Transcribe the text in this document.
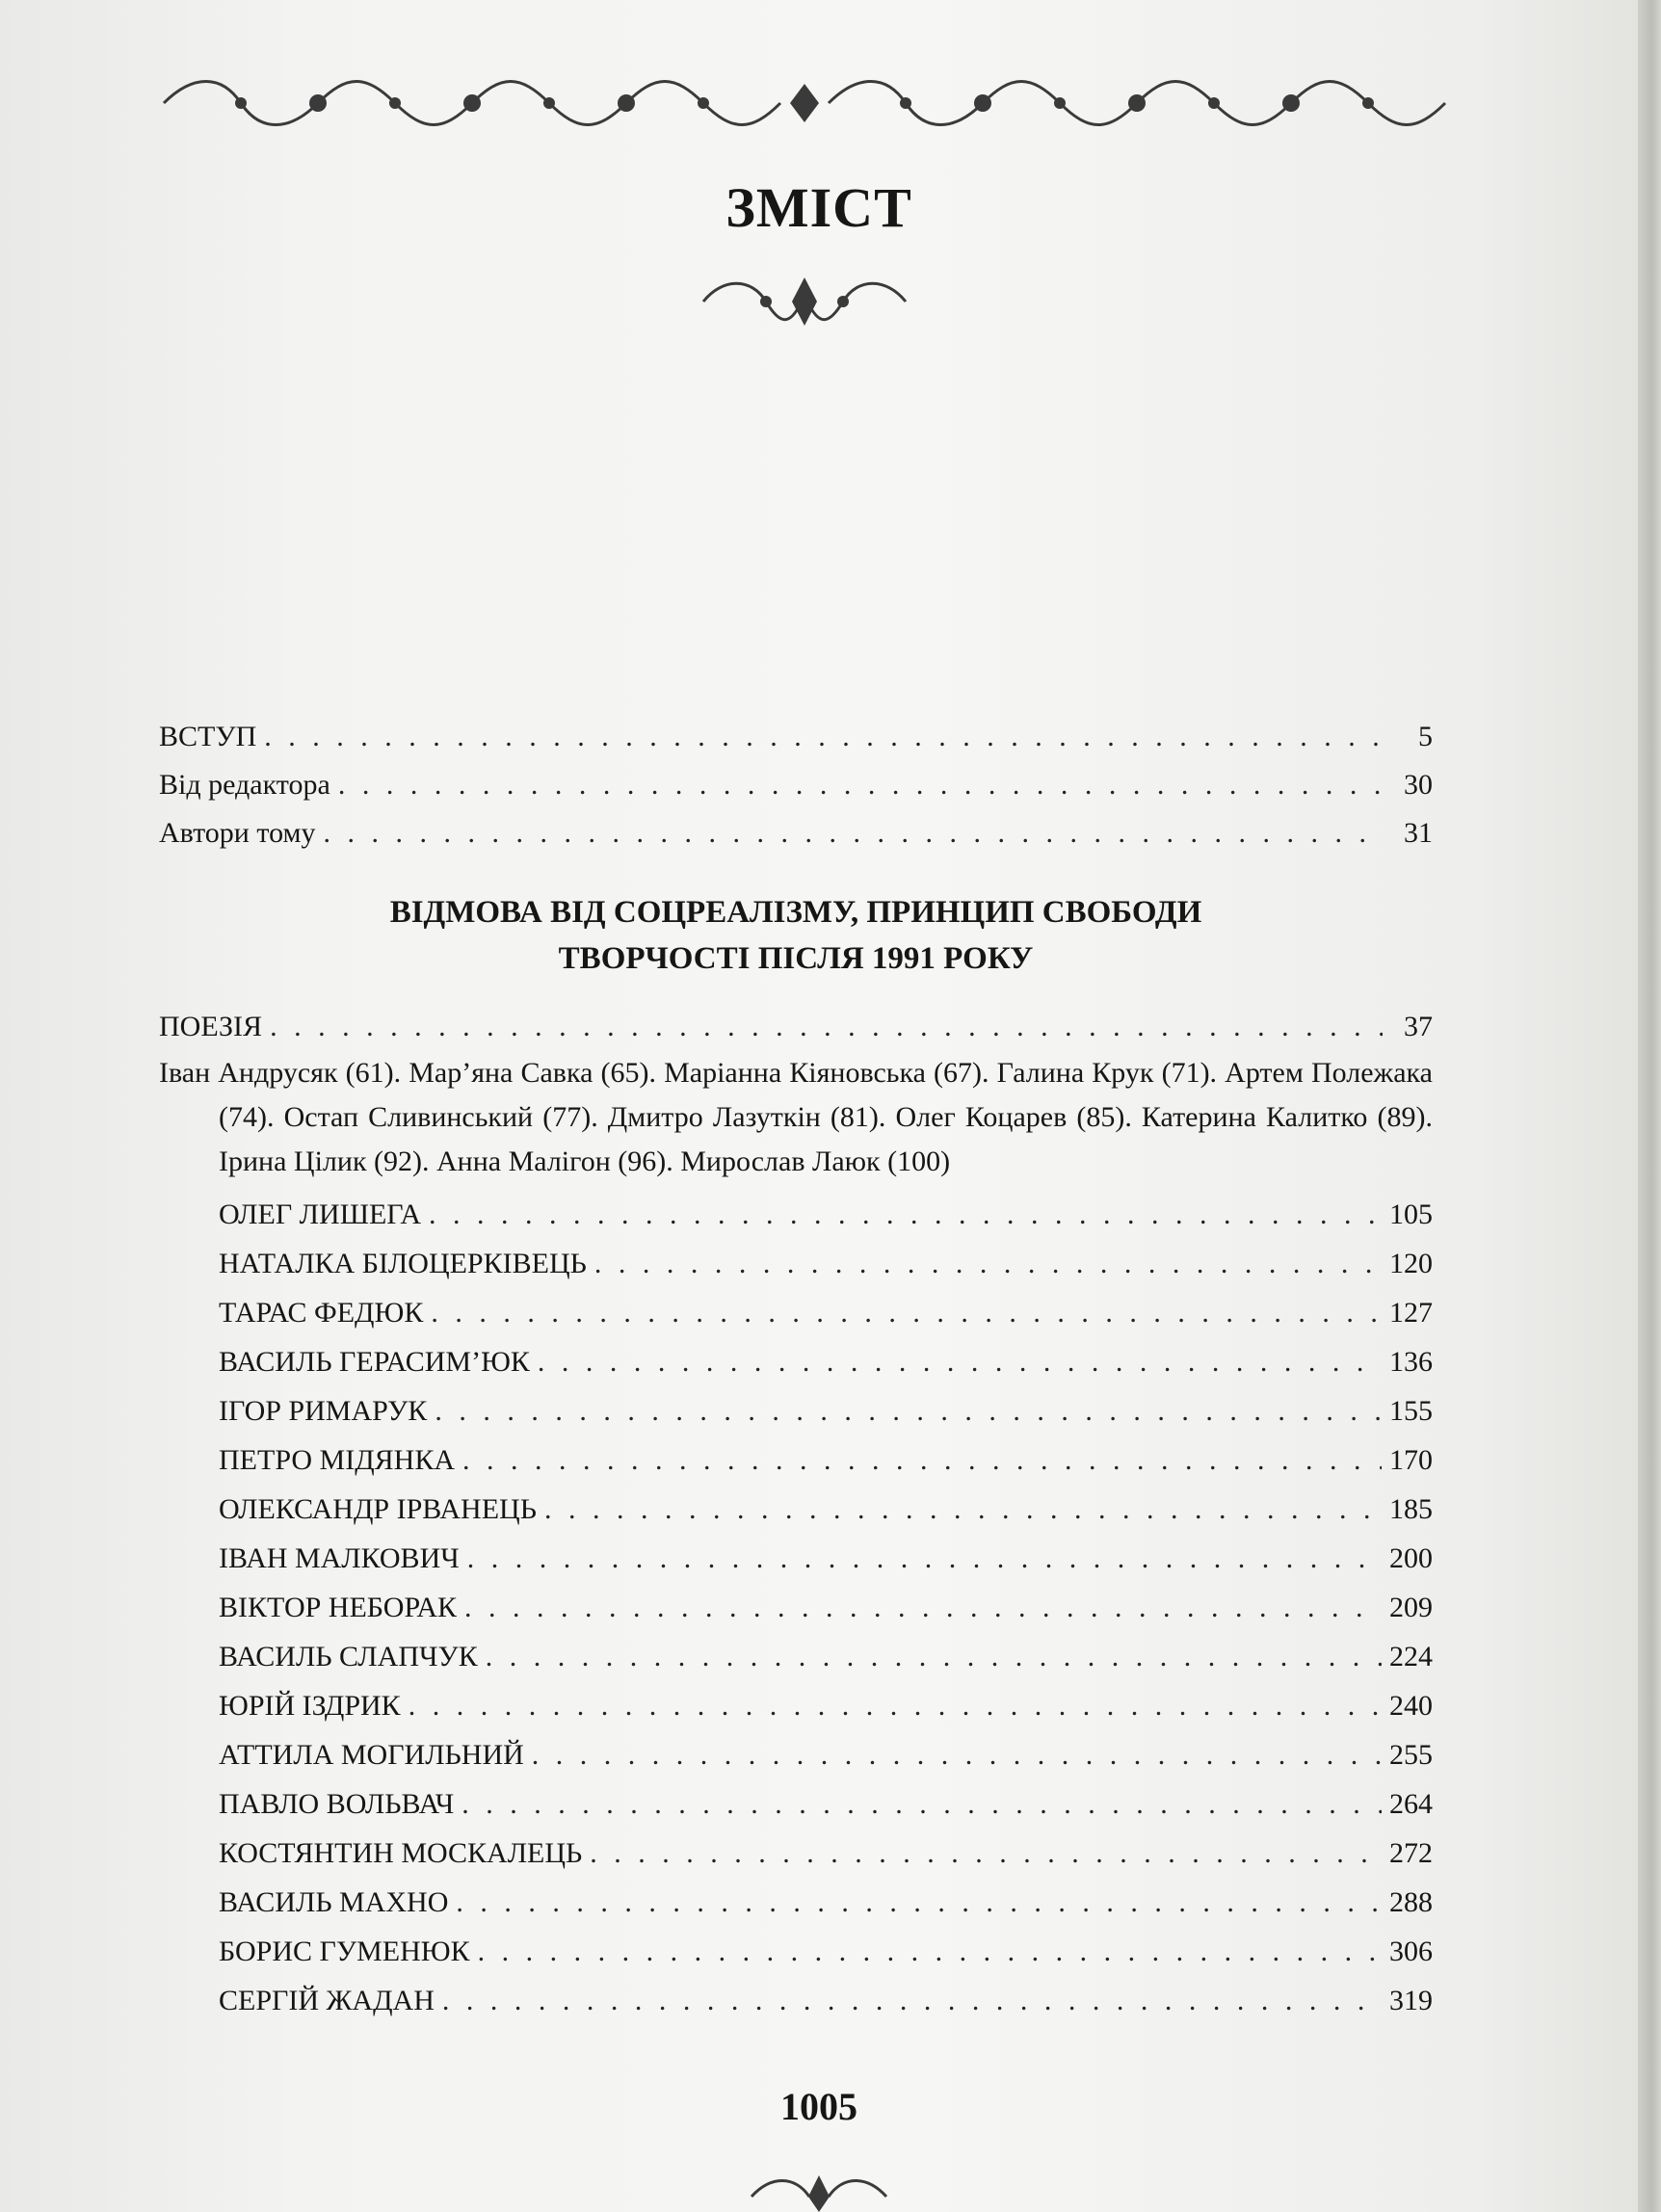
ЗМІСТ
ВСТУП . . .	5
Від редактора . . .	30
Автори тому . . .	31
ВІДМОВА ВІД СОЦРЕАЛІЗМУ, ПРИНЦИП СВОБОДИ
ТВОРЧОСТІ ПІСЛЯ 1991 РОКУ
ПОЕЗІЯ . . .	37

Іван Андрусяк (61). Мар’яна Савка (65). Маріанна Кіяновська (67). Галина Крук (71). Артем Полежака (74). Остап Сливинський (77). Дмитро Лазуткін (81). Олег Коцарев (85). Катерина Калитко (89). Ірина Цілик (92). Анна Малігон (96). Мирослав Лаюк (100)

ОЛЕГ ЛИШЕГА . . .	105
НАТАЛКА БІЛОЦЕРКІВЕЦЬ . . .	120
ТАРАС ФЕДЮК . . .	127
ВАСИЛЬ ГЕРАСИМ’ЮК . . .	136
ІГОР РИМАРУК . . .	155
ПЕТРО МІДЯНКА . . .	170
ОЛЕКСАНДР ІРВАНЕЦЬ . . .	185
ІВАН МАЛКОВИЧ . . .	200
ВІКТОР НЕБОРАК . . .	209
ВАСИЛЬ СЛАПЧУК . . .	224
ЮРІЙ ІЗДРИК . . .	240
АТТИЛА МОГИЛЬНИЙ . . .	255
ПАВЛО ВОЛЬВАЧ . . .	264
КОСТЯНТИН МОСКАЛЕЦЬ . . .	272
ВАСИЛЬ МАХНО . . .	288
БОРИС ГУМЕНЮК . . .	306
СЕРГІЙ ЖАДАН . . .	319
1005
